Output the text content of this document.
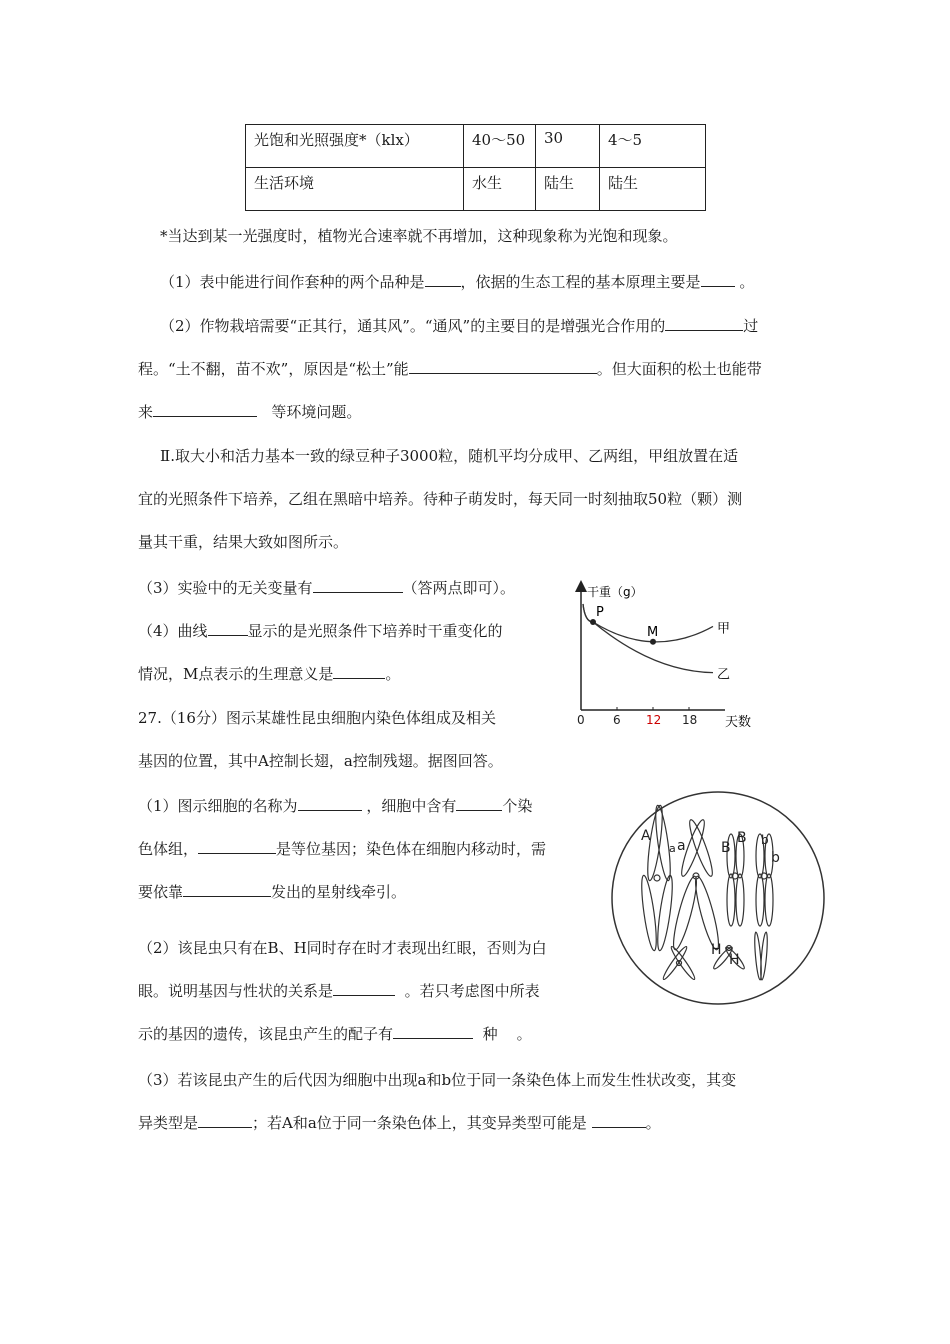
光饱和光照强度*（klx）	40～50	30	4～5
生活环境	水生	陆生	陆生
*当达到某一光强度时，植物光合速率就不再增加，这种现象称为光饱和现象。
（1）表中能进行间作套种的两个品种是 ，依据的生态工程的基本原理主要是	。
（2）作物栽培需要“正其行，通其风”。“通风”的主要目的是增强光合作用的	过
程。“土不翻，苗不欢”，原因是“松土”能	。但大面积的松土也能带
来	等环境问题。
Ⅱ.取大小和活力基本一致的绿豆种子3000粒，随机平均分成甲、乙两组，甲组放置在适
宜的光照条件下培养，乙组在黑暗中培养。待种子萌发时，每天同一时刻抽取50粒（颗）测
量其干重，结果大致如图所示。
（3）实验中的无关变量有	（答两点即可）。
（4）曲线	显示的是光照条件下培养时干重变化的
情况，M点表示的生理意义是	。
干重（g）
天数
0 6 12 18
甲
乙
P
M
27.（16分）图示某雄性昆虫细胞内染色体组成及相关
基因的位置，其中A控制长翅，a控制残翅。据图回答。
（1）图示细胞的名称为	，细胞中含有	个染
色体组，	是等位基因；染色体在细胞内移动时，需
要依靠	发出的星射线牵引。
（2）该昆虫只有在B、H同时存在时才表现出红眼，否则为白
眼。说明基因与性状的关系是	。若只考虑图中所表
示的基因的遗传，该昆虫产生的配子有	种 。
（3）若该昆虫产生的后代因为细胞中出现a和b位于同一条染色体上而发生性状改变，其变
异类型是	；若A和a位于同一条染色体上，其变异类型可能是	。
A
a a	B
B b
b
H
H
